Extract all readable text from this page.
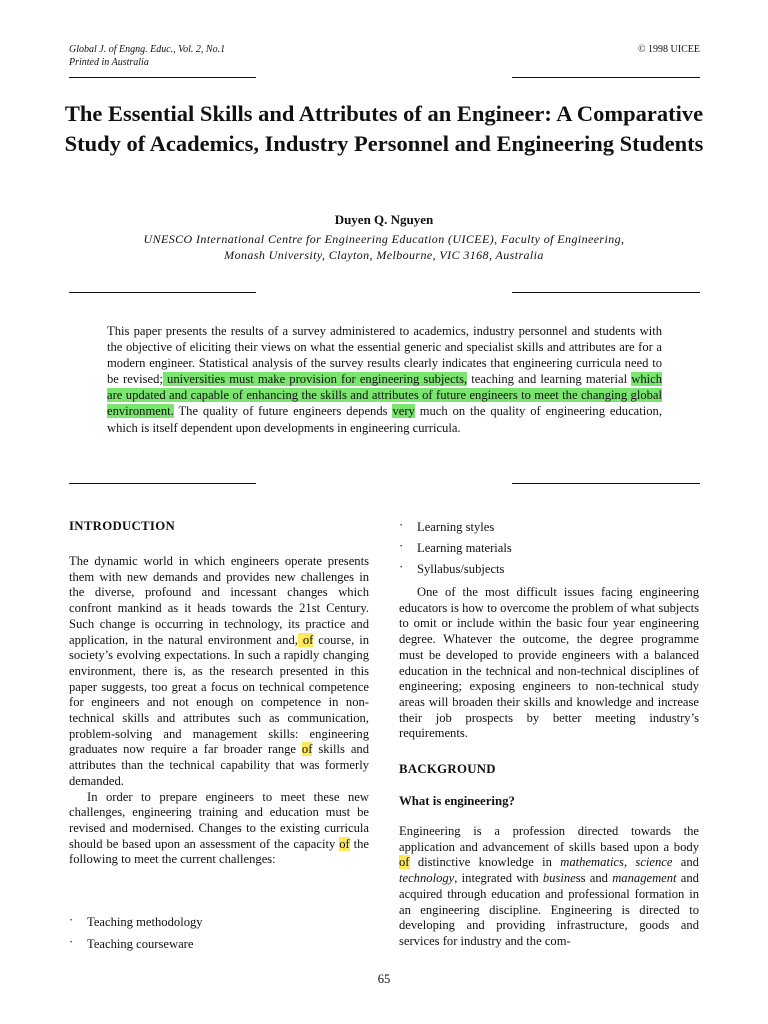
Global J. of Engng. Educ., Vol. 2, No.1
Printed in Australia
© 1998 UICEE
The Essential Skills and Attributes of an Engineer: A Comparative Study of Academics, Industry Personnel and Engineering Students
Duyen Q. Nguyen
UNESCO International Centre for Engineering Education (UICEE), Faculty of Engineering,
Monash University, Clayton, Melbourne, VIC 3168, Australia
This paper presents the results of a survey administered to academics, industry personnel and students with the objective of eliciting their views on what the essential generic and specialist skills and attributes are for a modern engineer. Statistical analysis of the survey results clearly indicates that engineering curricula need to be revised; universities must make provision for engineering subjects, teaching and learning material which are updated and capable of enhancing the skills and attributes of future engineers to meet the changing global environment. The quality of future engineers depends very much on the quality of engineering education, which is itself dependent upon developments in engineering curricula.
INTRODUCTION

The dynamic world in which engineers operate presents them with new demands and provides new challenges in the diverse, profound and incessant changes which confront mankind as it heads towards the 21st Century. Such change is occurring in technology, its practice and application, in the natural environment and, of course, in society’s evolving expectations. In such a rapidly changing environment, there is, as the research presented in this paper suggests, too great a focus on technical competence for engineers and not enough on competence in non-technical skills and attributes such as communication, problem-solving and management skills: engineering graduates now require a far broader range of skills and attributes than the technical capability that was formerly demanded.

In order to prepare engineers to meet these new challenges, engineering training and education must be revised and modernised. Changes to the existing curricula should be based upon an assessment of the capacity of the following to meet the current challenges:

· Teaching methodology
· Teaching courseware
· Learning styles
· Learning materials
· Syllabus/subjects
One of the most difficult issues facing engineering educators is how to overcome the problem of what subjects to omit or include within the basic four year engineering degree. Whatever the outcome, the degree programme must be developed to provide engineers with a balanced education in the technical and non-technical disciplines of engineering; exposing engineers to non-technical study areas will broaden their skills and knowledge and increase their job prospects by better meeting industry’s requirements.
BACKGROUND
What is engineering?
Engineering is a profession directed towards the application and advancement of skills based upon a body of distinctive knowledge in mathematics, science and technology, integrated with business and management and acquired through education and professional formation in an engineering discipline. Engineering is directed to developing and providing infrastructure, goods and services for industry and the com-
65
